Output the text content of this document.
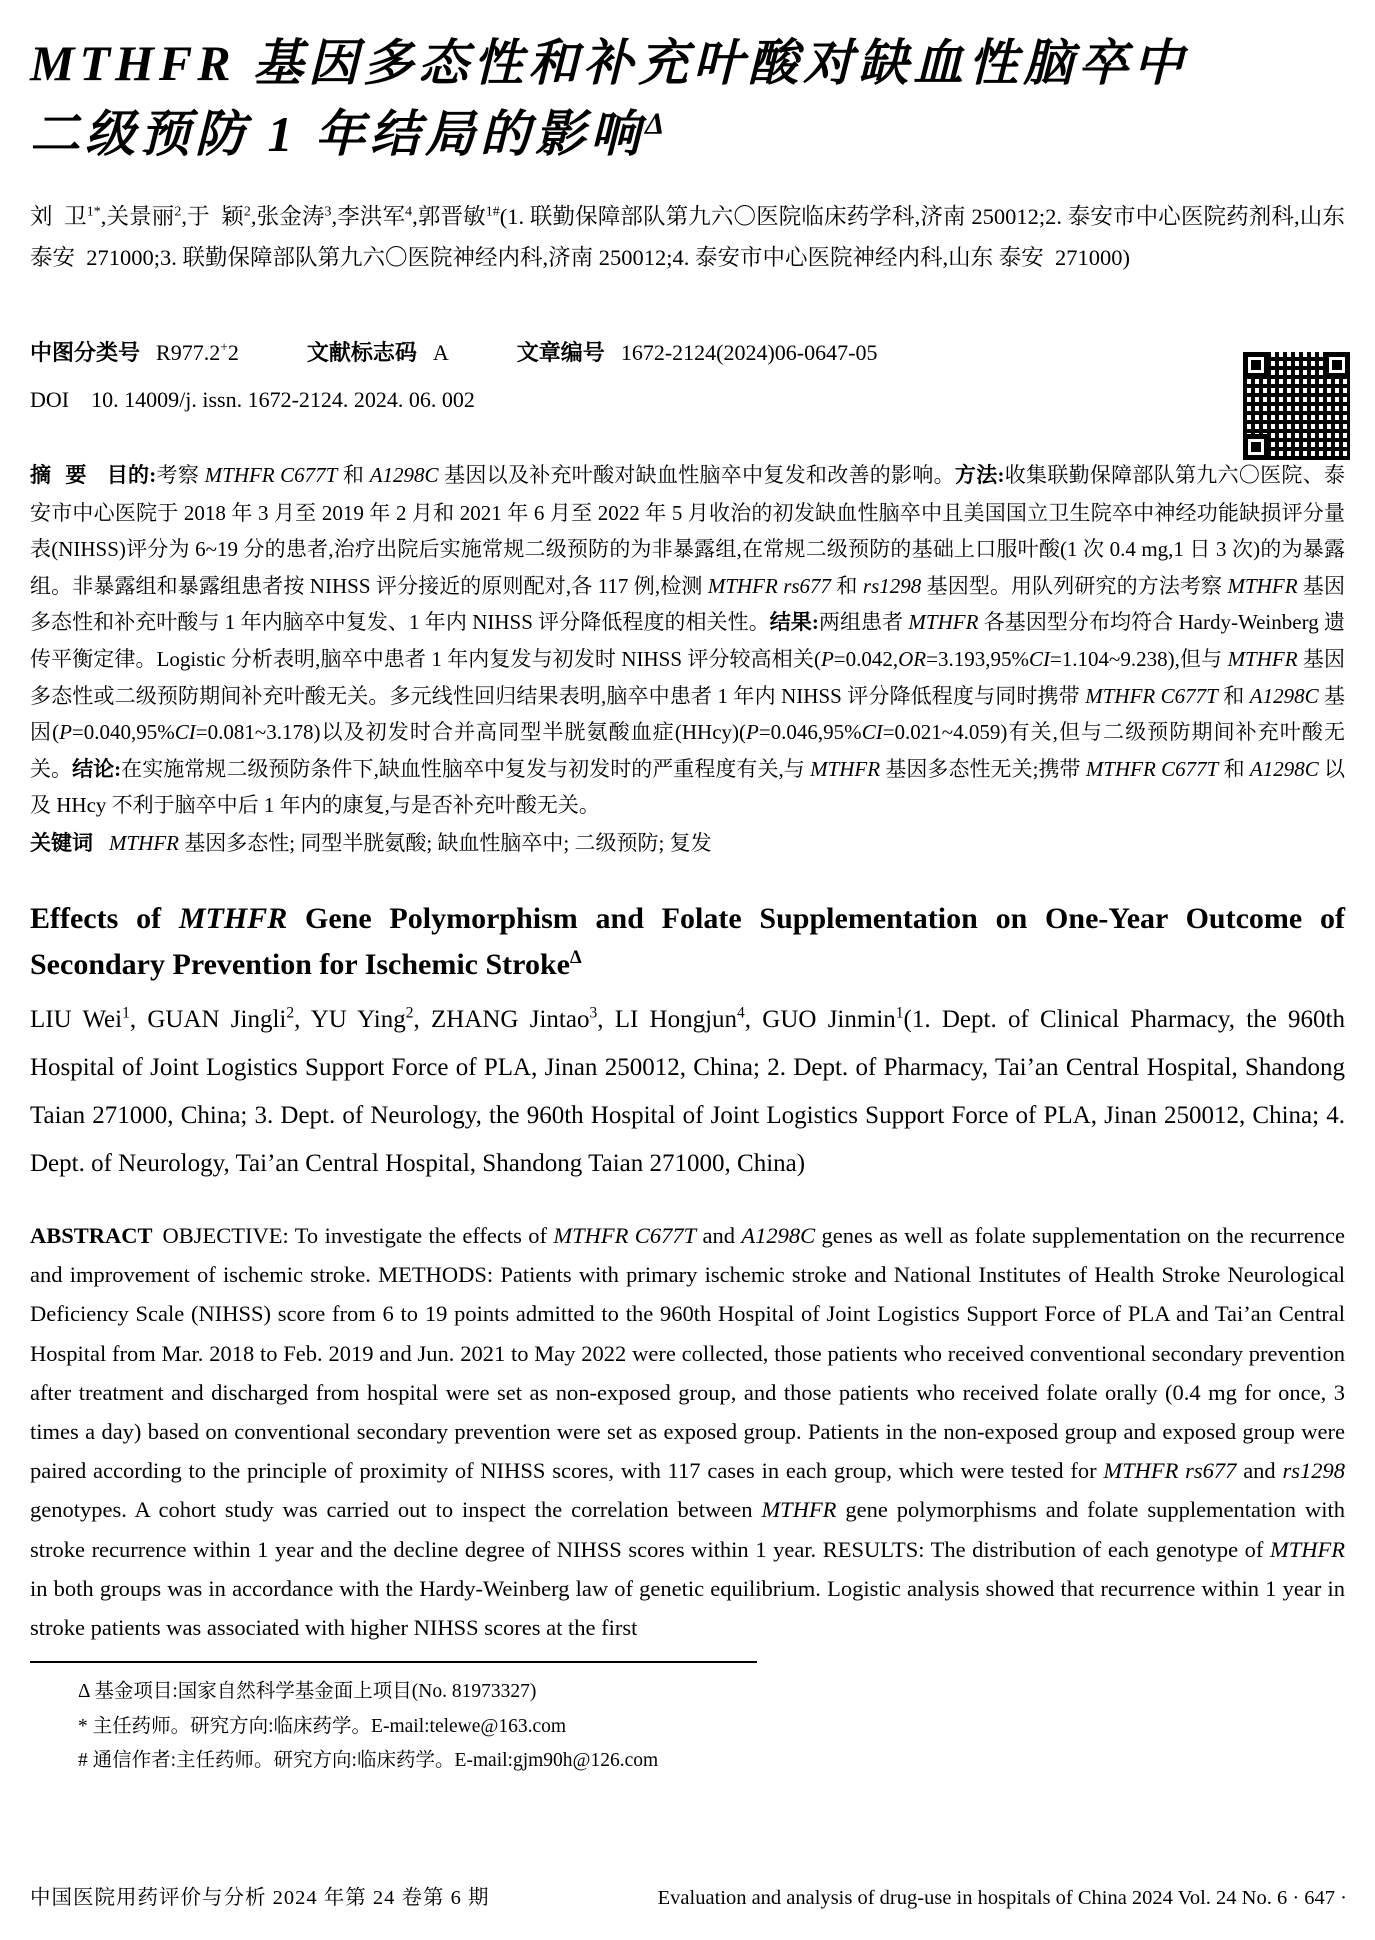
MTHFR 基因多态性和补充叶酸对缺血性脑卒中
二级预防 1 年结局的影响$^\Delta$

刘  卫$^{1*}$,关景丽$^2$,于  颖$^2$,张金涛$^3$,李洪军$^4$,郭晋敏$^{1\#}$(1. 联勤保障部队第九六〇医院临床药学科,济南 250012;2. 泰安市中心医院药剂科,山东 泰安  271000;3. 联勤保障部队第九六〇医院神经内科,济南 250012;4. 泰安市中心医院神经内科,山东 泰安  271000)

中图分类号 R977.2+2	文献标志码 A	文章编号 1672-2124(2024)06-0647-05
DOI 10. 14009/j. issn. 1672-2124. 2024. 06. 002

摘 要 目的:考察 MTHFR C677T 和 A1298C 基因以及补充叶酸对缺血性脑卒中复发和改善的影响。方法:收集联勤保障部队第九六〇医院、泰安市中心医院于 2018 年 3 月至 2019 年 2 月和 2021 年 6 月至 2022 年 5 月收治的初发缺血性脑卒中且美国国立卫生院卒中神经功能缺损评分量表(NIHSS)评分为 6~19 分的患者,治疗出院后实施常规二级预防的为非暴露组,在常规二级预防的基础上口服叶酸(1 次 0.4 mg,1 日 3 次)的为暴露组。非暴露组和暴露组患者按 NIHSS 评分接近的原则配对,各 117 例,检测 MTHFR rs677 和 rs1298 基因型。用队列研究的方法考察 MTHFR 基因多态性和补充叶酸与 1 年内脑卒中复发、1 年内 NIHSS 评分降低程度的相关性。结果:两组患者 MTHFR 各基因型分布均符合 Hardy-Weinberg 遗传平衡定律。Logistic 分析表明,脑卒中患者 1 年内复发与初发时 NIHSS 评分较高相关(P=0.042,OR=3.193,95%CI=1.104~9.238),但与 MTHFR 基因多态性或二级预防期间补充叶酸无关。多元线性回归结果表明,脑卒中患者 1 年内 NIHSS 评分降低程度与同时携带 MTHFR C677T 和 A1298C 基因(P=0.040,95%CI=0.081~3.178)以及初发时合并高同型半胱氨酸血症(HHcy)(P=0.046,95%CI=0.021~4.059)有关,但与二级预防期间补充叶酸无关。结论:在实施常规二级预防条件下,缺血性脑卒中复发与初发时的严重程度有关,与 MTHFR 基因多态性无关;携带 MTHFR C677T 和 A1298C 以及 HHcy 不利于脑卒中后 1 年内的康复,与是否补充叶酸无关。

关键词 MTHFR 基因多态性; 同型半胱氨酸; 缺血性脑卒中; 二级预防; 复发

Effects of MTHFR Gene Polymorphism and Folate Supplementation on One-Year Outcome of Secondary Prevention for Ischemic Stroke$^\Delta$

LIU Wei$^1$, GUAN Jingli$^2$, YU Ying$^2$, ZHANG Jintao$^3$, LI Hongjun$^4$, GUO Jinmin$^1$(1. Dept. of Clinical Pharmacy, the 960th Hospital of Joint Logistics Support Force of PLA, Jinan 250012, China; 2. Dept. of Pharmacy, Tai’an Central Hospital, Shandong Taian 271000, China; 3. Dept. of Neurology, the 960th Hospital of Joint Logistics Support Force of PLA, Jinan 250012, China; 4. Dept. of Neurology, Tai’an Central Hospital, Shandong Taian 271000, China)

ABSTRACT OBJECTIVE: To investigate the effects of MTHFR C677T and A1298C genes as well as folate supplementation on the recurrence and improvement of ischemic stroke. METHODS: Patients with primary ischemic stroke and National Institutes of Health Stroke Neurological Deficiency Scale (NIHSS) score from 6 to 19 points admitted to the 960th Hospital of Joint Logistics Support Force of PLA and Tai’an Central Hospital from Mar. 2018 to Feb. 2019 and Jun. 2021 to May 2022 were collected, those patients who received conventional secondary prevention after treatment and discharged from hospital were set as non-exposed group, and those patients who received folate orally (0.4 mg for once, 3 times a day) based on conventional secondary prevention were set as exposed group. Patients in the non-exposed group and exposed group were paired according to the principle of proximity of NIHSS scores, with 117 cases in each group, which were tested for MTHFR rs677 and rs1298 genotypes. A cohort study was carried out to inspect the correlation between MTHFR gene polymorphisms and folate supplementation with stroke recurrence within 1 year and the decline degree of NIHSS scores within 1 year. RESULTS: The distribution of each genotype of MTHFR in both groups was in accordance with the Hardy-Weinberg law of genetic equilibrium. Logistic analysis showed that recurrence within 1 year in stroke patients was associated with higher NIHSS scores at the first

Δ 基金项目:国家自然科学基金面上项目(No. 81973327)

* 主任药师。研究方向:临床药学。E-mail:telewe@163.com

# 通信作者:主任药师。研究方向:临床药学。E-mail:gjm90h@126.com

中国医院用药评价与分析 2024 年第 24 卷第 6 期	Evaluation and analysis of drug-use in hospitals of China 2024 Vol. 24 No. 6 · 647 ·
